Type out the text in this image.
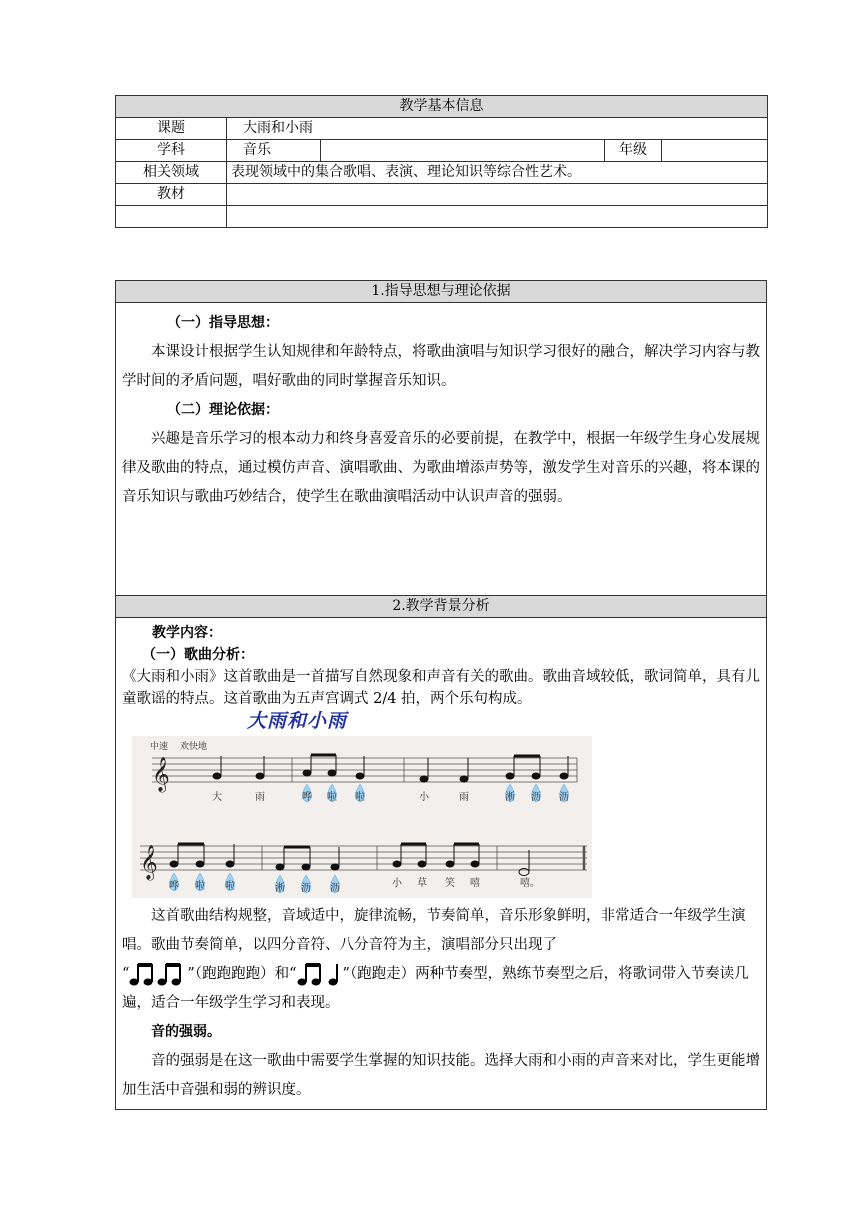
教学基本信息				
课题	大雨和小雨			
学科	音乐		年级	
相关领域	表现领域中的集合歌唱、表演、理论知识等综合性艺术。			
教材				

1.指导思想与理论依据

（一）指导思想：

本课设计根据学生认知规律和年龄特点，将歌曲演唱与知识学习很好的融合，解决学习内容与教学时间的矛盾问题，唱好歌曲的同时掌握音乐知识。

（二）理论依据：

兴趣是音乐学习的根本动力和终身喜爱音乐的必要前提，在教学中，根据一年级学生身心发展规律及歌曲的特点，通过模仿声音、演唱歌曲、为歌曲增添声势等，激发学生对音乐的兴趣，将本课的音乐知识与歌曲巧妙结合，使学生在歌曲演唱活动中认识声音的强弱。

2.教学背景分析

教学内容：

（一）歌曲分析：

《大雨和小雨》这首歌曲是一首描写自然现象和声音有关的歌曲。歌曲音域较低，歌词简单，具有儿童歌谣的特点。这首歌曲为五声宫调式 2/4 拍，两个乐句构成。

大雨和小雨
中速 欢快地
𝄞
𝄞
大	雨	哗 啦 啦	小	雨	淅 沥 沥
哗 啦 啦	淅 沥 沥	小 草 笑 嘻	嘻。

这首歌曲结构规整，音域适中，旋律流畅，节奏简单，音乐形象鲜明，非常适合一年级学生演唱。歌曲节奏简单，以四分音符、八分音符为主，演唱部分只出现了
“	”（跑跑跑跑）和“	”（跑跑走）两种节奏型，熟练节奏型之后，将歌词带入节奏读几遍，适合一年级学生学习和表现。

音的强弱。

音的强弱是在这一歌曲中需要学生掌握的知识技能。选择大雨和小雨的声音来对比，学生更能增加生活中音强和弱的辨识度。
